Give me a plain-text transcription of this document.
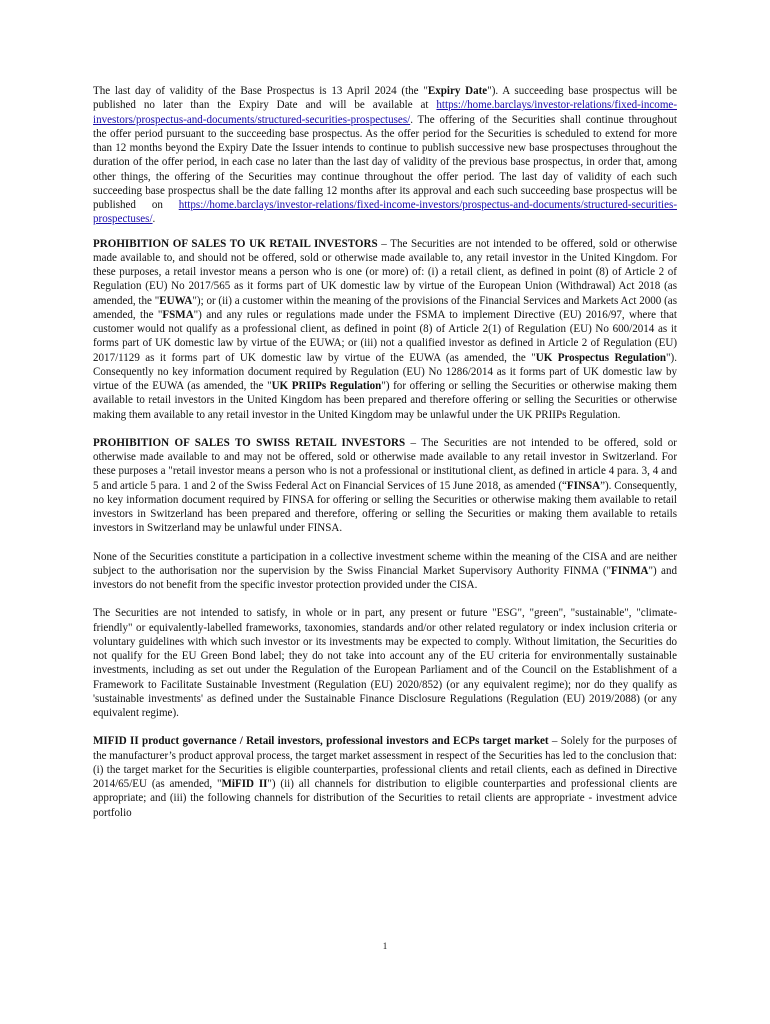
The last day of validity of the Base Prospectus is 13 April 2024 (the "Expiry Date"). A succeeding base prospectus will be published no later than the Expiry Date and will be available at https://home.barclays/investor-relations/fixed-income-investors/prospectus-and-documents/structured-securities-prospectuses/. The offering of the Securities shall continue throughout the offer period pursuant to the succeeding base prospectus. As the offer period for the Securities is scheduled to extend for more than 12 months beyond the Expiry Date the Issuer intends to continue to publish successive new base prospectuses throughout the duration of the offer period, in each case no later than the last day of validity of the previous base prospectus, in order that, among other things, the offering of the Securities may continue throughout the offer period. The last day of validity of each such succeeding base prospectus shall be the date falling 12 months after its approval and each such succeeding base prospectus will be published on https://home.barclays/investor-relations/fixed-income-investors/prospectus-and-documents/structured-securities-prospectuses/.

PROHIBITION OF SALES TO UK RETAIL INVESTORS – The Securities are not intended to be offered, sold or otherwise made available to, and should not be offered, sold or otherwise made available to, any retail investor in the United Kingdom. For these purposes, a retail investor means a person who is one (or more) of: (i) a retail client, as defined in point (8) of Article 2 of Regulation (EU) No 2017/565 as it forms part of UK domestic law by virtue of the European Union (Withdrawal) Act 2018 (as amended, the "EUWA"); or (ii) a customer within the meaning of the provisions of the Financial Services and Markets Act 2000 (as amended, the "FSMA") and any rules or regulations made under the FSMA to implement Directive (EU) 2016/97, where that customer would not qualify as a professional client, as defined in point (8) of Article 2(1) of Regulation (EU) No 600/2014 as it forms part of UK domestic law by virtue of the EUWA; or (iii) not a qualified investor as defined in Article 2 of Regulation (EU) 2017/1129 as it forms part of UK domestic law by virtue of the EUWA (as amended, the "UK Prospectus Regulation"). Consequently no key information document required by Regulation (EU) No 1286/2014 as it forms part of UK domestic law by virtue of the EUWA (as amended, the "UK PRIIPs Regulation") for offering or selling the Securities or otherwise making them available to retail investors in the United Kingdom has been prepared and therefore offering or selling the Securities or otherwise making them available to any retail investor in the United Kingdom may be unlawful under the UK PRIIPs Regulation.

PROHIBITION OF SALES TO SWISS RETAIL INVESTORS – The Securities are not intended to be offered, sold or otherwise made available to and may not be offered, sold or otherwise made available to any retail investor in Switzerland. For these purposes a "retail investor means a person who is not a professional or institutional client, as defined in article 4 para. 3, 4 and 5 and article 5 para. 1 and 2 of the Swiss Federal Act on Financial Services of 15 June 2018, as amended (“FINSA”). Consequently, no key information document required by FINSA for offering or selling the Securities or otherwise making them available to retail investors in Switzerland has been prepared and therefore, offering or selling the Securities or making them available to retails investors in Switzerland may be unlawful under FINSA.

None of the Securities constitute a participation in a collective investment scheme within the meaning of the CISA and are neither subject to the authorisation nor the supervision by the Swiss Financial Market Supervisory Authority FINMA ("FINMA") and investors do not benefit from the specific investor protection provided under the CISA.

The Securities are not intended to satisfy, in whole or in part, any present or future "ESG", "green", "sustainable", "climate-friendly" or equivalently-labelled frameworks, taxonomies, standards and/or other related regulatory or index inclusion criteria or voluntary guidelines with which such investor or its investments may be expected to comply. Without limitation, the Securities do not qualify for the EU Green Bond label; they do not take into account any of the EU criteria for environmentally sustainable investments, including as set out under the Regulation of the European Parliament and of the Council on the Establishment of a Framework to Facilitate Sustainable Investment (Regulation (EU) 2020/852) (or any equivalent regime); nor do they qualify as 'sustainable investments' as defined under the Sustainable Finance Disclosure Regulations (Regulation (EU) 2019/2088) (or any equivalent regime).

MIFID II product governance / Retail investors, professional investors and ECPs target market – Solely for the purposes of the manufacturer’s product approval process, the target market assessment in respect of the Securities has led to the conclusion that: (i) the target market for the Securities is eligible counterparties, professional clients and retail clients, each as defined in Directive 2014/65/EU (as amended, "MiFID II") (ii) all channels for distribution to eligible counterparties and professional clients are appropriate; and (iii) the following channels for distribution of the Securities to retail clients are appropriate - investment advice portfolio

1
